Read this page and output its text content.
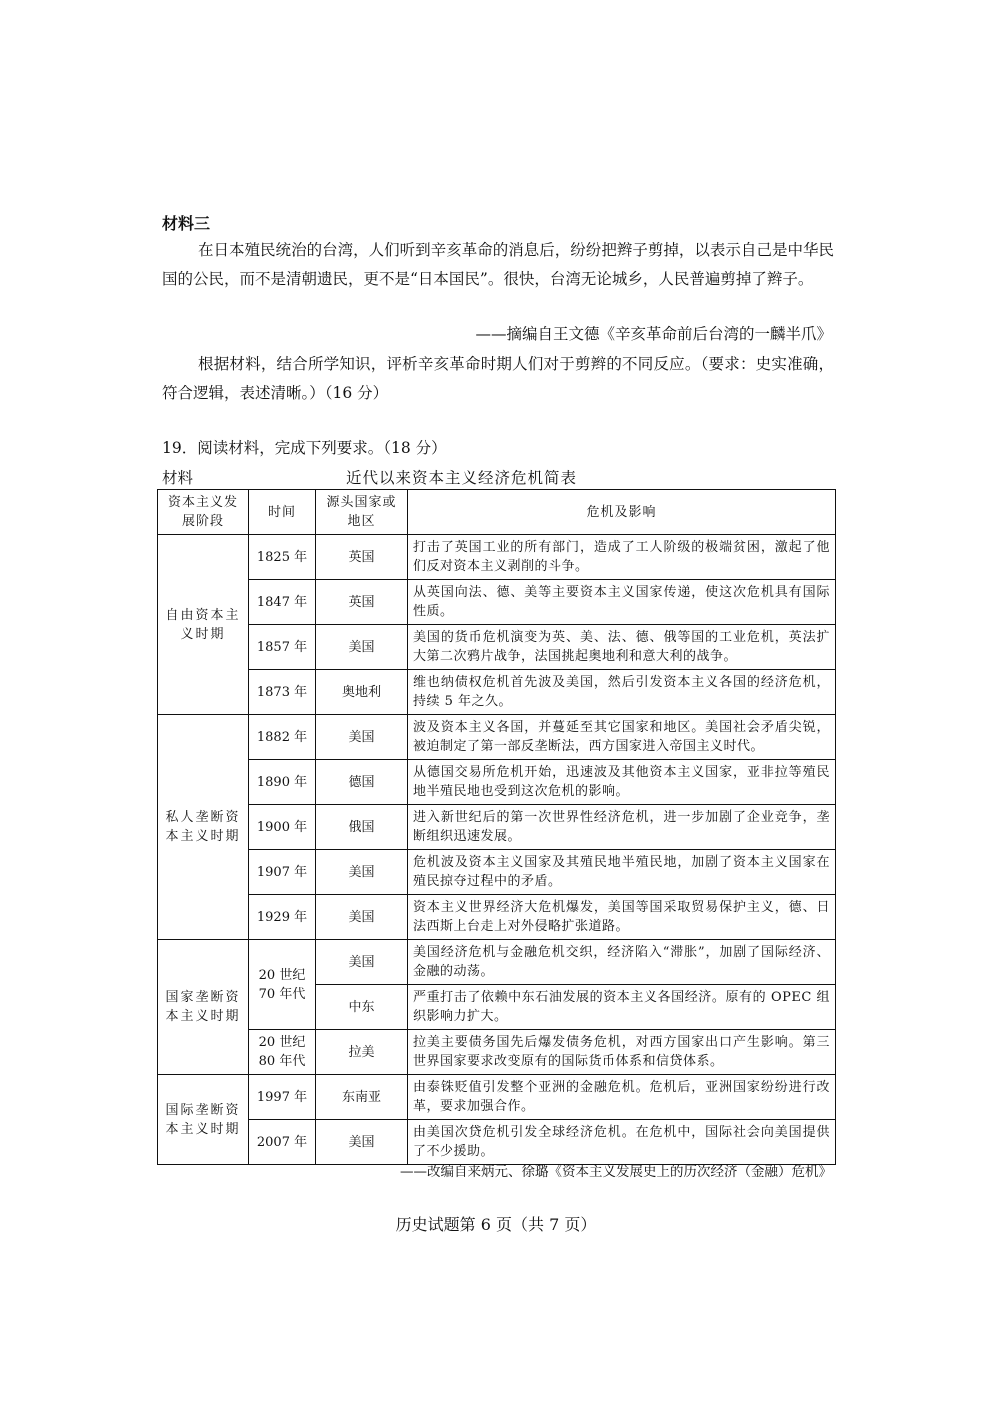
材料三
在日本殖民统治的台湾，人们听到辛亥革命的消息后，纷纷把辫子剪掉，以表示自己是中华民国的公民，而不是清朝遗民，更不是“日本国民”。很快，台湾无论城乡，人民普遍剪掉了辫子。
——摘编自王文德《辛亥革命前后台湾的一麟半爪》
根据材料，结合所学知识，评析辛亥革命时期人们对于剪辫的不同反应。（要求：史实准确，符合逻辑，表述清晰。）（16 分）
19．阅读材料，完成下列要求。（18 分）
材料	近代以来资本主义经济危机简表
资本主义发展阶段	时间	源头国家或地区	危机及影响
自由资本主义时期	1825 年	英国	打击了英国工业的所有部门，造成了工人阶级的极端贫困，激起了他们反对资本主义剥削的斗争。
	1847 年	英国	从英国向法、德、美等主要资本主义国家传递，使这次危机具有国际性质。
	1857 年	美国	美国的货币危机演变为英、美、法、德、俄等国的工业危机，英法扩大第二次鸦片战争，法国挑起奥地利和意大利的战争。
	1873 年	奥地利	维也纳债权危机首先波及美国，然后引发资本主义各国的经济危机，持续 5 年之久。
私人垄断资本主义时期	1882 年	美国	波及资本主义各国，并蔓延至其它国家和地区。美国社会矛盾尖锐，被迫制定了第一部反垄断法，西方国家进入帝国主义时代。
	1890 年	德国	从德国交易所危机开始，迅速波及其他资本主义国家，亚非拉等殖民地半殖民地也受到这次危机的影响。
	1900 年	俄国	进入新世纪后的第一次世界性经济危机，进一步加剧了企业竞争，垄断组织迅速发展。
	1907 年	美国	危机波及资本主义国家及其殖民地半殖民地，加剧了资本主义国家在殖民掠夺过程中的矛盾。
	1929 年	美国	资本主义世界经济大危机爆发，美国等国采取贸易保护主义，德、日法西斯上台走上对外侵略扩张道路。
国家垄断资本主义时期	20 世纪70 年代	美国	美国经济危机与金融危机交织，经济陷入“滞胀”，加剧了国际经济、金融的动荡。
		中东	严重打击了依赖中东石油发展的资本主义各国经济。原有的 OPEC 组织影响力扩大。
	20 世纪80 年代	拉美	拉美主要债务国先后爆发债务危机，对西方国家出口产生影响。第三世界国家要求改变原有的国际货币体系和信贷体系。
国际垄断资本主义时期	1997 年	东南亚	由泰铢贬值引发整个亚洲的金融危机。危机后，亚洲国家纷纷进行改革，要求加强合作。
	2007 年	美国	由美国次贷危机引发全球经济危机。在危机中，国际社会向美国提供了不少援助。
——改编自来炳元、徐璐《资本主义发展史上的历次经济（金融）危机》
历史试题第 6 页（共 7 页）
